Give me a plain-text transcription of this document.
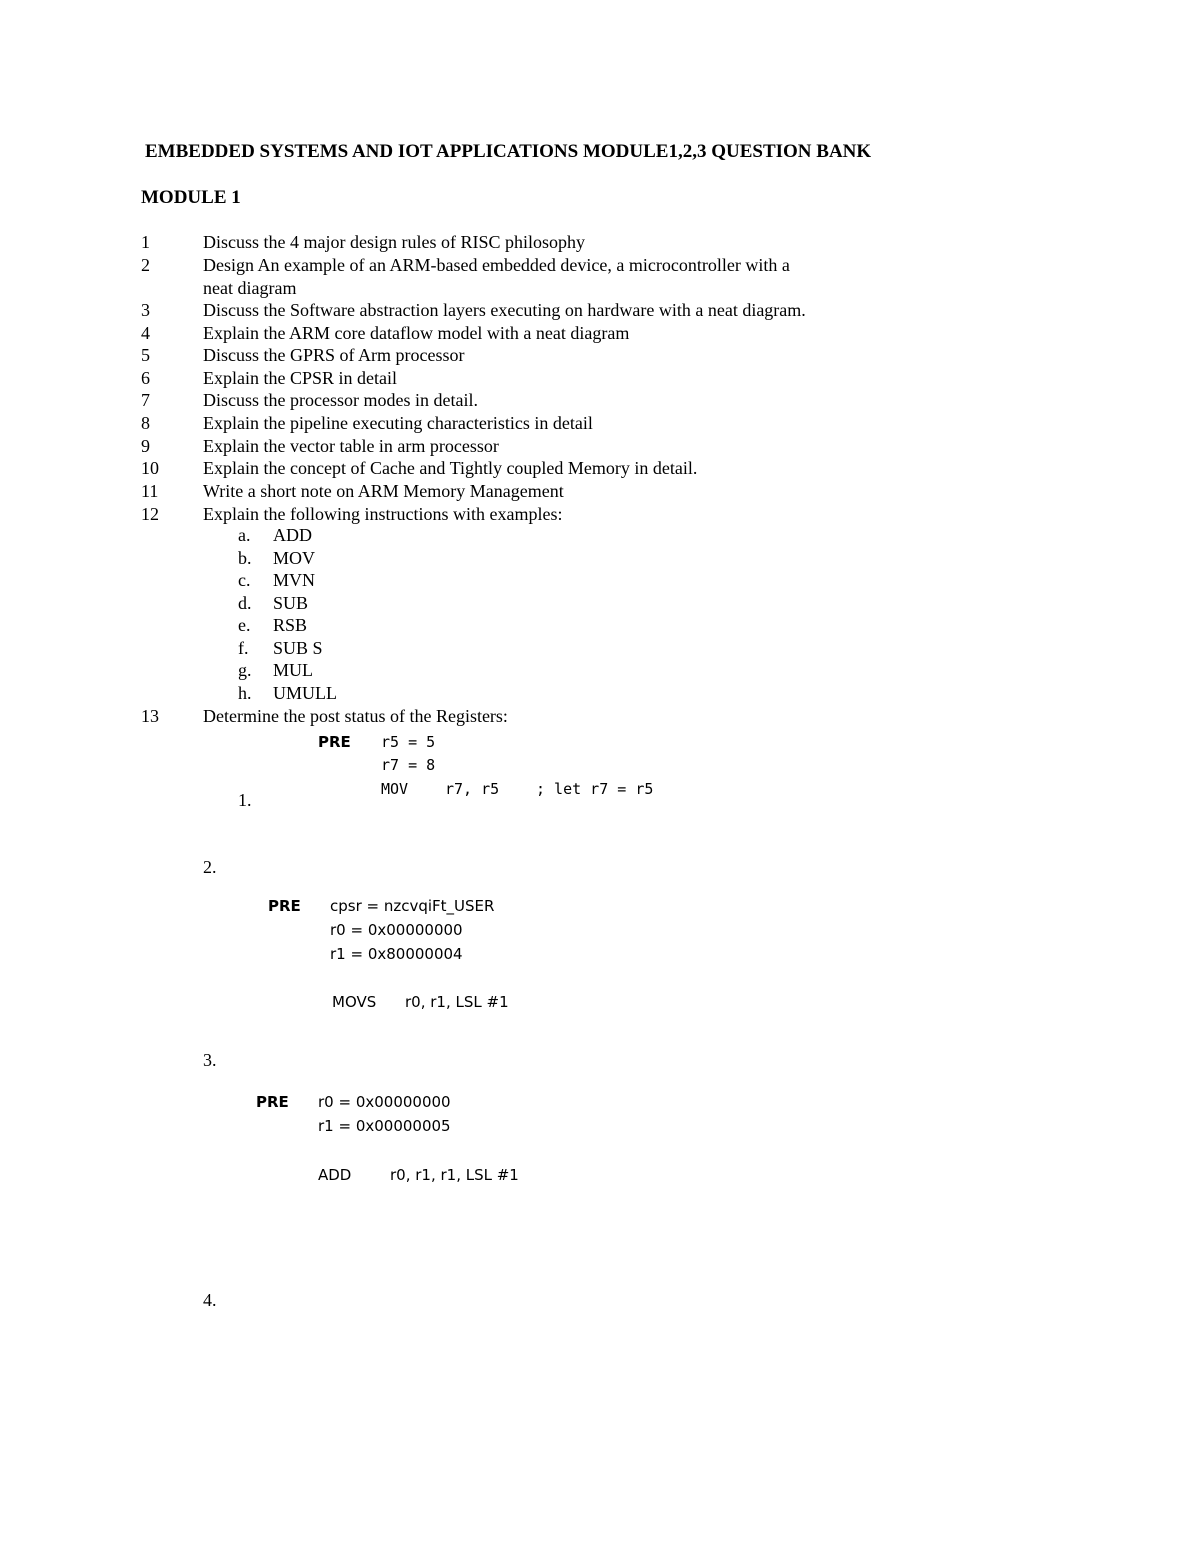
EMBEDDED SYSTEMS AND IOT APPLICATIONS MODULE1,2,3 QUESTION BANK
MODULE 1
1	Discuss the 4 major design rules of RISC philosophy
2	Design An example of an ARM-based embedded device, a microcontroller with a
neat diagram
3	Discuss the Software abstraction layers executing on hardware with a neat diagram.
4	Explain the ARM core dataflow model with a neat diagram
5	Discuss the GPRS of Arm processor
6	Explain the CPSR in detail
7	Discuss the processor modes in detail.
8	Explain the pipeline executing characteristics in detail
9	Explain the vector table in arm processor
10 Explain the concept of Cache and Tightly coupled Memory in detail.
11 Write a short note on ARM Memory Management
12 Explain the following instructions with examples:
a. ADD
b. MOV
c. MVN
d. SUB
e. RSB
f. SUB S
g. MUL
h. UMULL
13 Determine the post status of the Registers:
PRE r5 = 5
r7 = 8
MOV r7, r5 ; let r7 = r5
1.
2.
PRE cpsr = nzcvqiFt_USER
r0 = 0x00000000
r1 = 0x80000004
MOVS r0, r1, LSL #1
3.
PRE r0 = 0x00000000
r1 = 0x00000005
ADD	r0, r1, r1, LSL #1
4.
